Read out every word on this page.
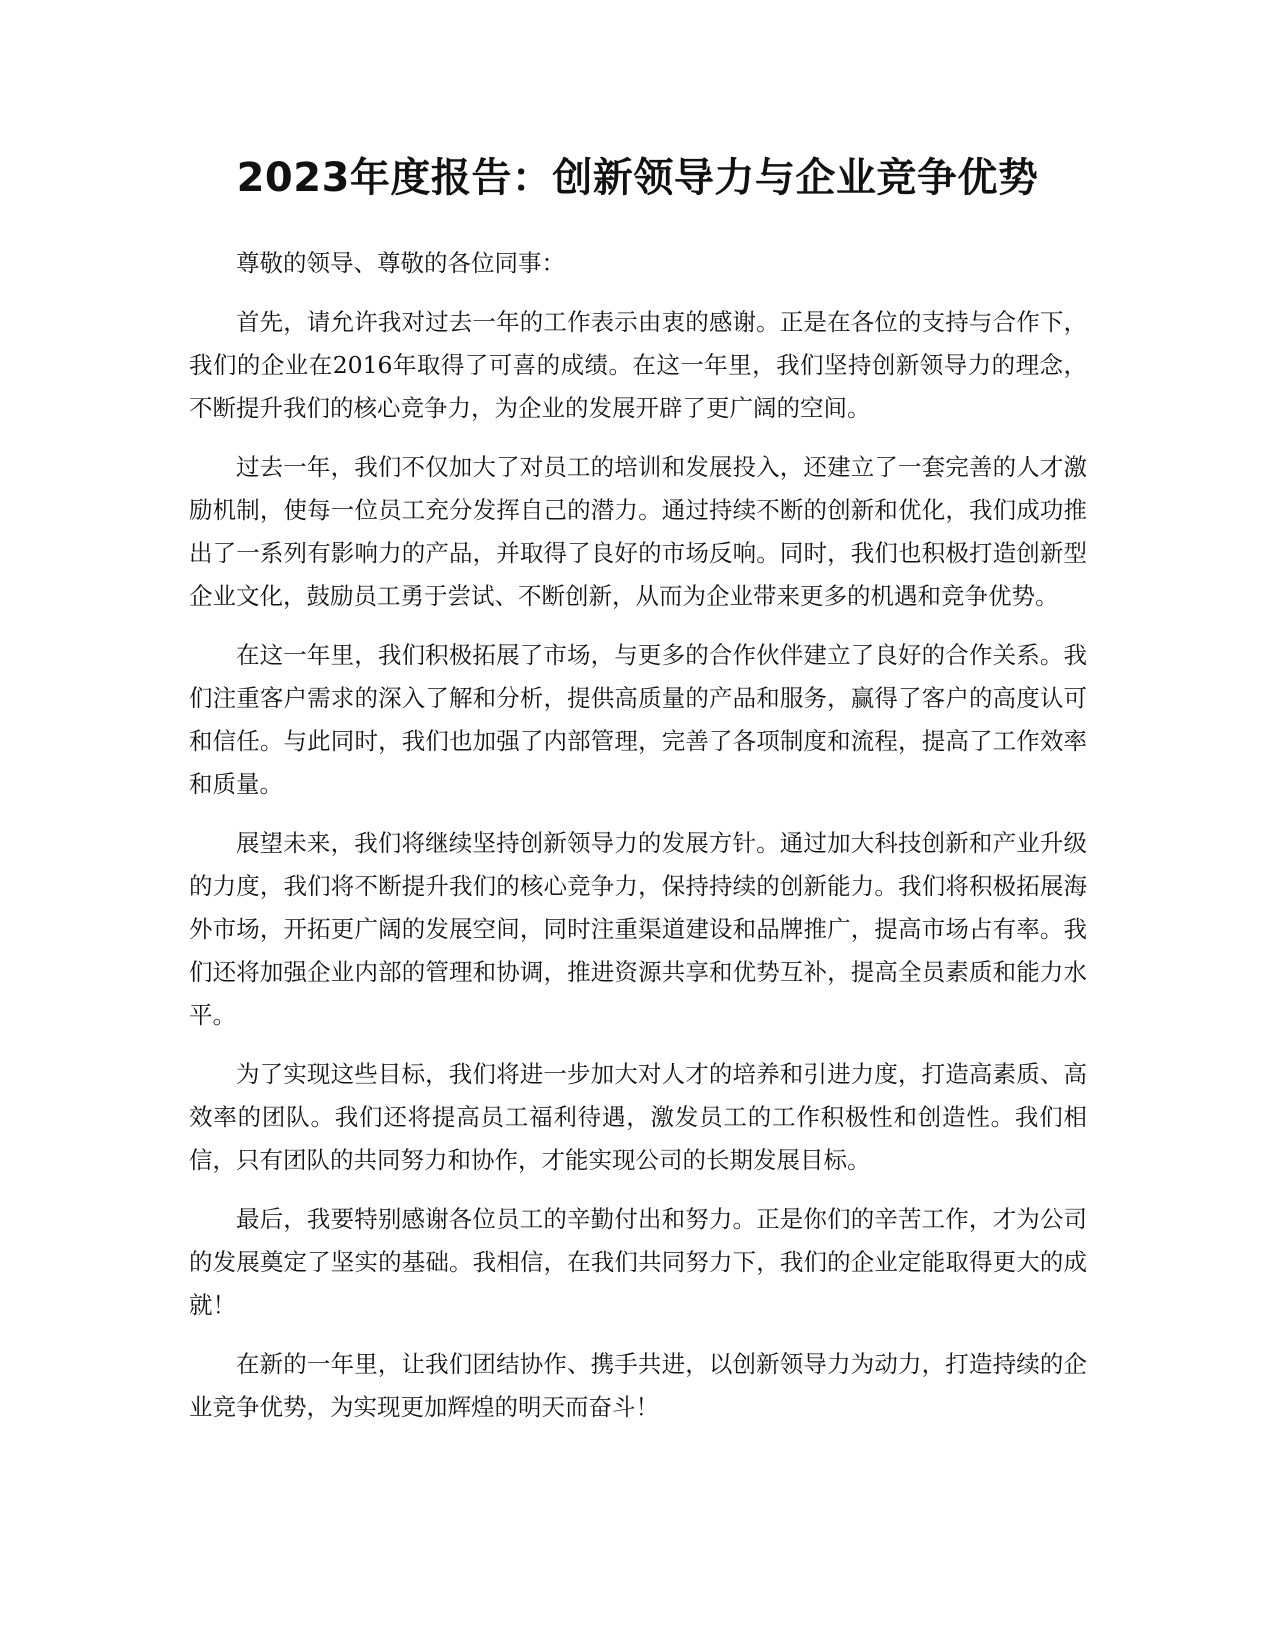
2023年度报告：创新领导力与企业竞争优势

尊敬的领导、尊敬的各位同事：

首先，请允许我对过去一年的工作表示由衷的感谢。正是在各位的支持与合作下，我们的企业在2016年取得了可喜的成绩。在这一年里，我们坚持创新领导力的理念，不断提升我们的核心竞争力，为企业的发展开辟了更广阔的空间。

过去一年，我们不仅加大了对员工的培训和发展投入，还建立了一套完善的人才激励机制，使每一位员工充分发挥自己的潜力。通过持续不断的创新和优化，我们成功推出了一系列有影响力的产品，并取得了良好的市场反响。同时，我们也积极打造创新型企业文化，鼓励员工勇于尝试、不断创新，从而为企业带来更多的机遇和竞争优势。

在这一年里，我们积极拓展了市场，与更多的合作伙伴建立了良好的合作关系。我们注重客户需求的深入了解和分析，提供高质量的产品和服务，赢得了客户的高度认可和信任。与此同时，我们也加强了内部管理，完善了各项制度和流程，提高了工作效率和质量。

展望未来，我们将继续坚持创新领导力的发展方针。通过加大科技创新和产业升级的力度，我们将不断提升我们的核心竞争力，保持持续的创新能力。我们将积极拓展海外市场，开拓更广阔的发展空间，同时注重渠道建设和品牌推广，提高市场占有率。我们还将加强企业内部的管理和协调，推进资源共享和优势互补，提高全员素质和能力水平。

为了实现这些目标，我们将进一步加大对人才的培养和引进力度，打造高素质、高效率的团队。我们还将提高员工福利待遇，激发员工的工作积极性和创造性。我们相信，只有团队的共同努力和协作，才能实现公司的长期发展目标。

最后，我要特别感谢各位员工的辛勤付出和努力。正是你们的辛苦工作，才为公司的发展奠定了坚实的基础。我相信，在我们共同努力下，我们的企业定能取得更大的成就！

在新的一年里，让我们团结协作、携手共进，以创新领导力为动力，打造持续的企业竞争优势，为实现更加辉煌的明天而奋斗！
